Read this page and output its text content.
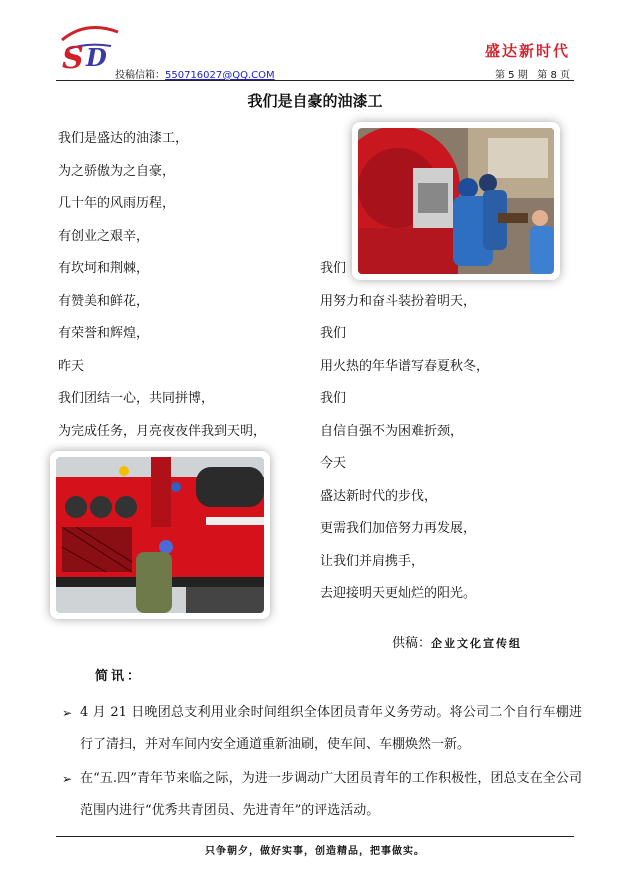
S D
投稿信箱：550716027@QQ.COM
盛达新时代
第 5 期 第 8 页
我们是自豪的油漆工
我们是盛达的油漆工，
为之骄傲为之自豪，
几十年的风雨历程，
有创业之艰辛，
有坎坷和荆棘，
有赞美和鲜花，
有荣誉和辉煌，
昨天
我们团结一心，共同拼博，
为完成任务，月亮夜夜伴我到天明，
我们
用努力和奋斗装扮着明天，
我们
用火热的年华谱写春夏秋冬，
我们
自信自强不为困难折颈，
今天
盛达新时代的步伐，
更需我们加倍努力再发展，
让我们并肩携手，
去迎接明天更灿烂的阳光。
供稿：企业文化宣传组
简讯：
➢ 4 月 21 日晚团总支利用业余时间组织全体团员青年义务劳动。将公司二个自行车棚进行了清扫，并对车间内安全通道重新油刷，使车间、车棚焕然一新。
➢ 在“五.四”青年节来临之际，为进一步调动广大团员青年的工作积极性，团总支在全公司范围内进行“优秀共青团员、先进青年”的评选活动。
只争朝夕，做好实事，创造精品，把事做实。
